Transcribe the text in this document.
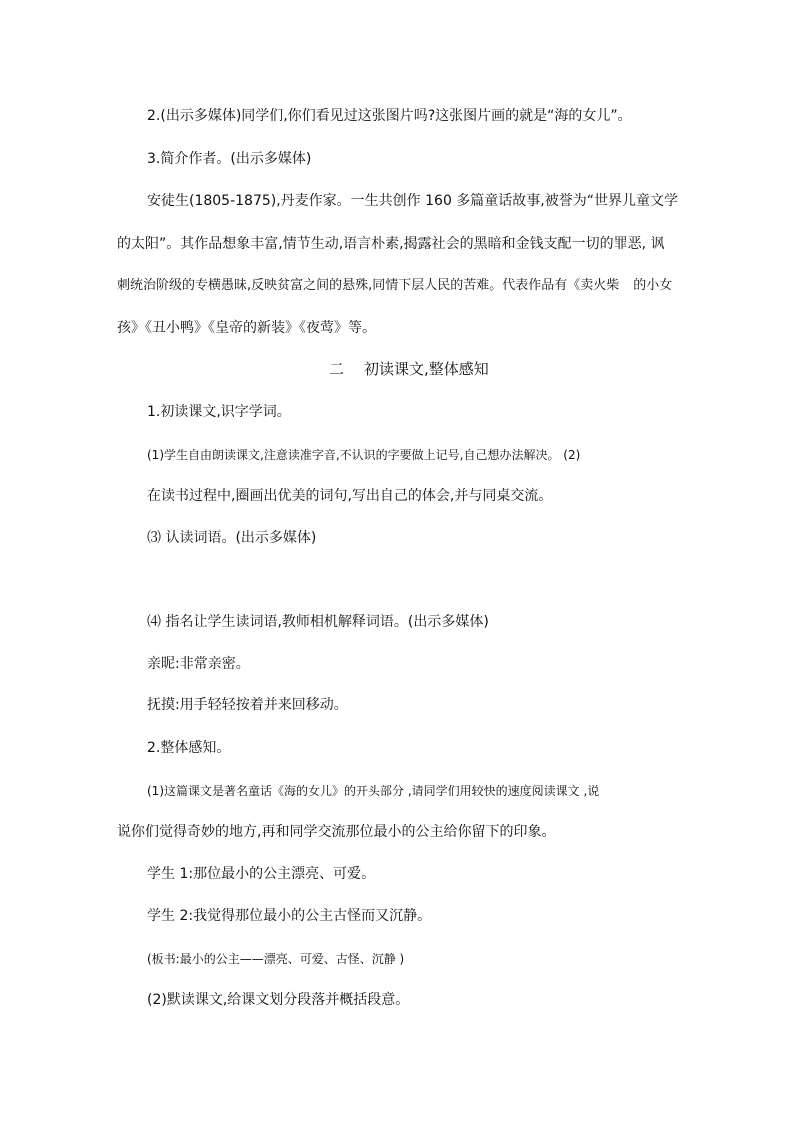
2.(出示多媒体)同学们,你们看见过这张图片吗?这张图片画的就是“海的女儿”。
3.简介作者。(出示多媒体)
安徒生(1805-1875),丹麦作家。一生共创作 160 多篇童话故事,被誉为“世界儿童文学
的太阳”。其作品想象丰富,情节生动,语言朴素,揭露社会的黑暗和金钱支配一切的罪恶, 讽
刺统治阶级的专横愚昧,反映贫富之间的悬殊,同情下层人民的苦难。代表作品有《卖火柴 的小女
孩》《丑小鸭》《皇帝的新装》《夜莺》等。
二 初读课文,整体感知
1.初读课文,识字学词。
(1)学生自由朗读课文,注意读准字音,不认识的字要做上记号,自己想办法解决。 (2)
在读书过程中,圈画出优美的词句,写出自己的体会,并与同桌交流。
⑶ 认读词语。(出示多媒体)
⑷ 指名让学生读词语,教师相机解释词语。(出示多媒体)
亲昵:非常亲密。
抚摸:用手轻轻按着并来回移动。
2.整体感知。
(1)这篇课文是著名童话《海的女儿》的开头部分 ,请同学们用较快的速度阅读课文 ,说
说你们觉得奇妙的地方,再和同学交流那位最小的公主给你留下的印象。
学生 1:那位最小的公主漂亮、可爱。
学生 2:我觉得那位最小的公主古怪而又沉静。
(板书:最小的公主——漂亮、可爱、古怪、沉静 )
(2)默读课文,给课文划分段落并概括段意。
